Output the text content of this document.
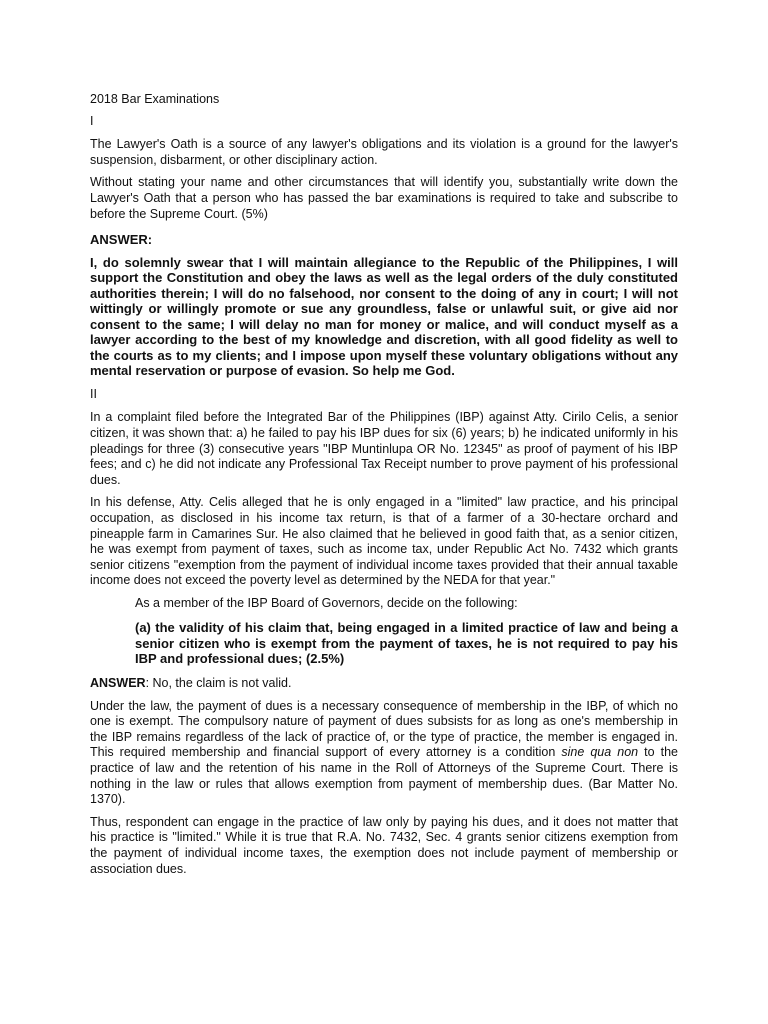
2018 Bar Examinations

I

The Lawyer's Oath is a source of any lawyer's obligations and its violation is a ground for the lawyer's suspension, disbarment, or other disciplinary action.

Without stating your name and other circumstances that will identify you, substantially write down the Lawyer's Oath that a person who has passed the bar examinations is required to take and subscribe to before the Supreme Court. (5%)

ANSWER:

I, do solemnly swear that I will maintain allegiance to the Republic of the Philippines, I will support the Constitution and obey the laws as well as the legal orders of the duly constituted authorities therein; I will do no falsehood, nor consent to the doing of any in court; I will not wittingly or willingly promote or sue any groundless, false or unlawful suit, or give aid nor consent to the same; I will delay no man for money or malice, and will conduct myself as a lawyer according to the best of my knowledge and discretion, with all good fidelity as well to the courts as to my clients; and I impose upon myself these voluntary obligations without any mental reservation or purpose of evasion. So help me God.

II

In a complaint filed before the Integrated Bar of the Philippines (IBP) against Atty. Cirilo Celis, a senior citizen, it was shown that: a) he failed to pay his IBP dues for six (6) years; b) he indicated uniformly in his pleadings for three (3) consecutive years "IBP Muntinlupa OR No. 12345" as proof of payment of his IBP fees; and c) he did not indicate any Professional Tax Receipt number to prove payment of his professional dues.

In his defense, Atty. Celis alleged that he is only engaged in a "limited" law practice, and his principal occupation, as disclosed in his income tax return, is that of a farmer of a 30-hectare orchard and pineapple farm in Camarines Sur. He also claimed that he believed in good faith that, as a senior citizen, he was exempt from payment of taxes, such as income tax, under Republic Act No. 7432 which grants senior citizens "exemption from the payment of individual income taxes provided that their annual taxable income does not exceed the poverty level as determined by the NEDA for that year."

As a member of the IBP Board of Governors, decide on the following:

(a) the validity of his claim that, being engaged in a limited practice of law and being a senior citizen who is exempt from the payment of taxes, he is not required to pay his IBP and professional dues; (2.5%)

ANSWER: No, the claim is not valid.

Under the law, the payment of dues is a necessary consequence of membership in the IBP, of which no one is exempt. The compulsory nature of payment of dues subsists for as long as one's membership in the IBP remains regardless of the lack of practice of, or the type of practice, the member is engaged in. This required membership and financial support of every attorney is a condition sine qua non to the practice of law and the retention of his name in the Roll of Attorneys of the Supreme Court. There is nothing in the law or rules that allows exemption from payment of membership dues. (Bar Matter No. 1370).

Thus, respondent can engage in the practice of law only by paying his dues, and it does not matter that his practice is "limited." While it is true that R.A. No. 7432, Sec. 4 grants senior citizens exemption from the payment of individual income taxes, the exemption does not include payment of membership or association dues.
